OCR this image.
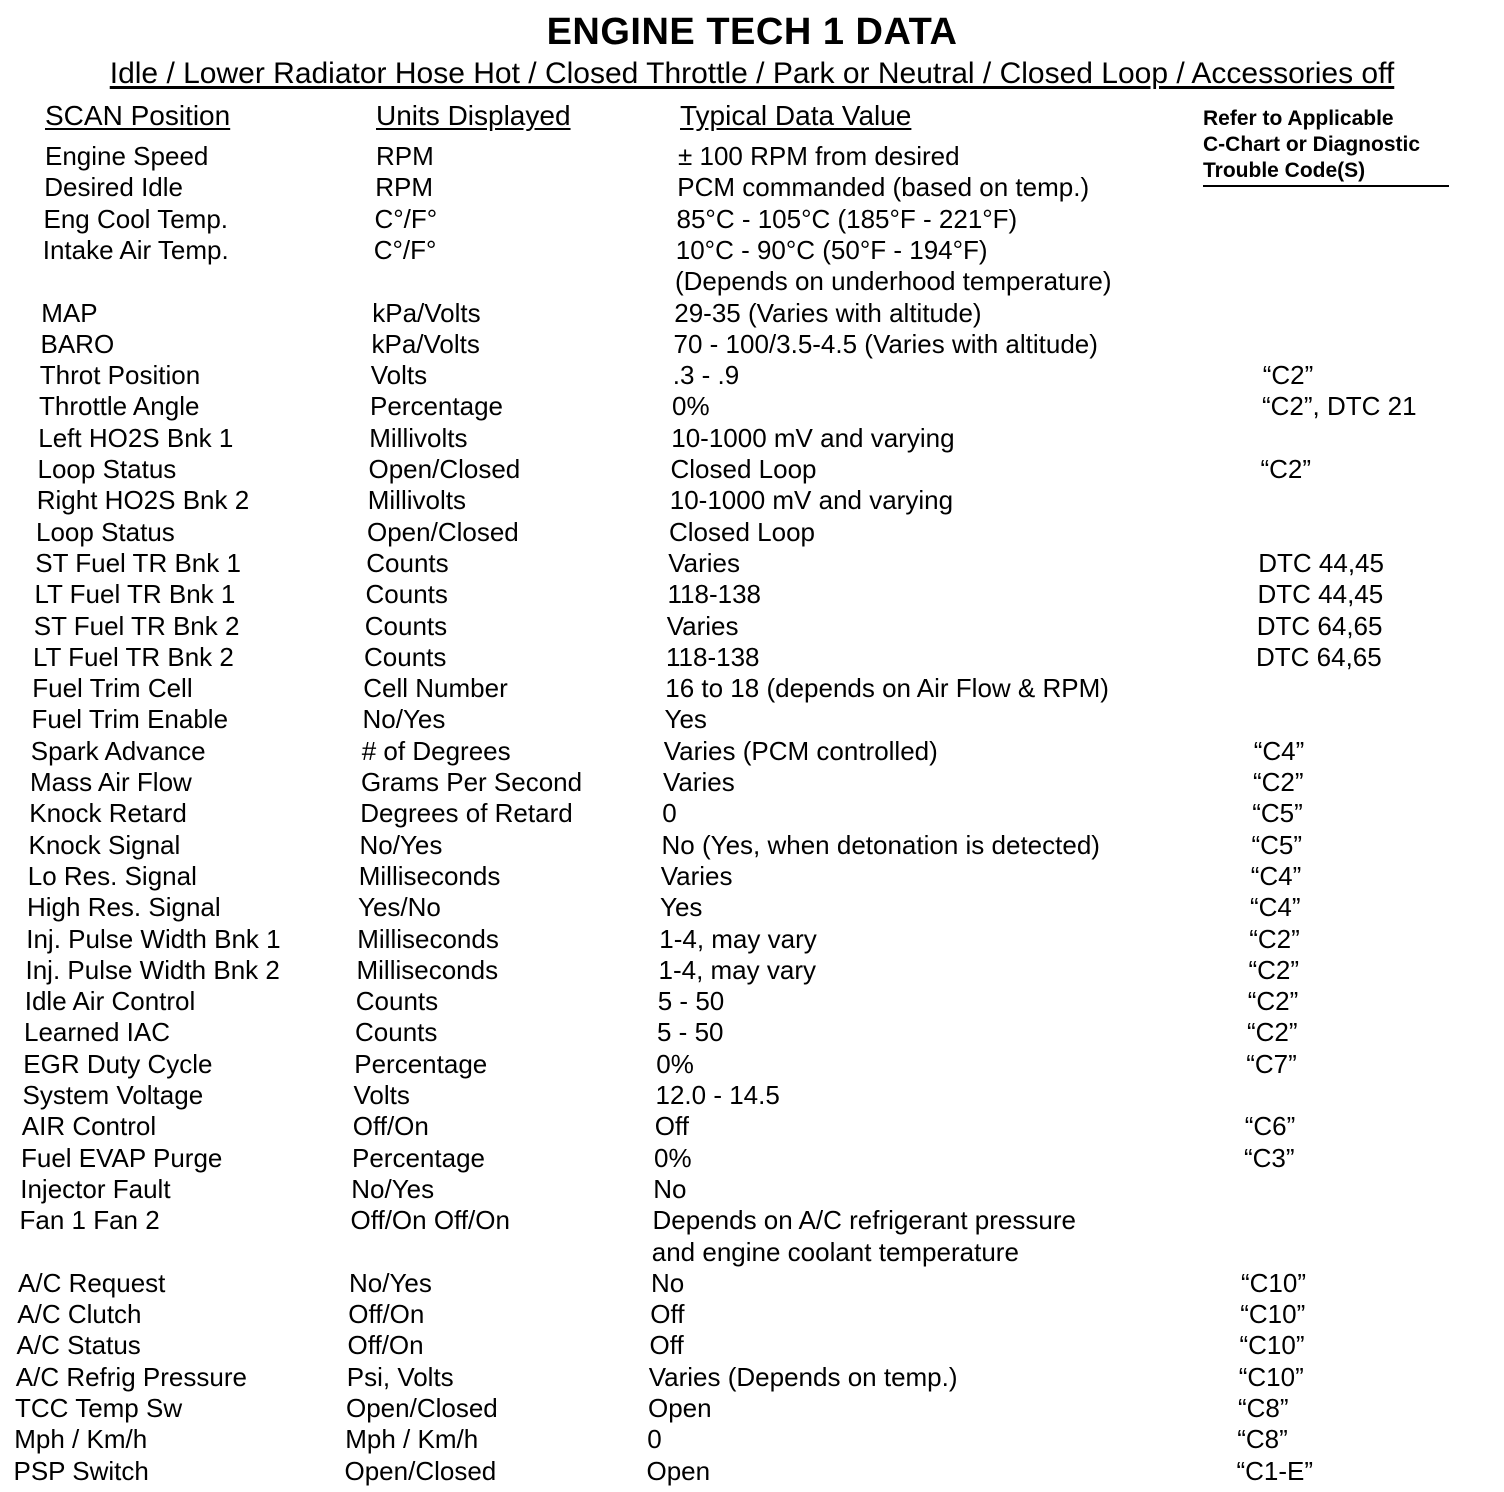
ENGINE TECH 1 DATA
Idle / Lower Radiator Hose Hot / Closed Throttle / Park or Neutral / Closed Loop / Accessories off
SCAN Position	Units Displayed	Typical Data Value	Refer to Applicable
C-Chart or Diagnostic
Trouble Code(S)
Engine Speed	RPM	± 100 RPM from desired
Desired Idle	RPM	PCM commanded (based on temp.)
Eng Cool Temp.	C°/F°	85°C - 105°C (185°F - 221°F)
Intake Air Temp.	C°/F°	10°C - 90°C (50°F - 194°F)
(Depends on underhood temperature)
MAP	kPa/Volts	29-35 (Varies with altitude)
BARO	kPa/Volts	70 - 100/3.5-4.5 (Varies with altitude)
Throt Position	Volts	.3 - .9	“C2”
Throttle Angle	Percentage	0%	“C2”, DTC 21
Left HO2S Bnk 1	Millivolts	10-1000 mV and varying
Loop Status	Open/Closed	Closed Loop	“C2”
Right HO2S Bnk 2	Millivolts	10-1000 mV and varying
Loop Status	Open/Closed	Closed Loop
ST Fuel TR Bnk 1	Counts	Varies	DTC 44,45
LT Fuel TR Bnk 1	Counts	118-138	DTC 44,45
ST Fuel TR Bnk 2	Counts	Varies	DTC 64,65
LT Fuel TR Bnk 2	Counts	118-138	DTC 64,65
Fuel Trim Cell	Cell Number	16 to 18 (depends on Air Flow & RPM)
Fuel Trim Enable	No/Yes	Yes
Spark Advance	# of Degrees	Varies (PCM controlled)	“C4”
Mass Air Flow	Grams Per Second	Varies	“C2”
Knock Retard	Degrees of Retard	0	“C5”
Knock Signal	No/Yes	No (Yes, when detonation is detected)	“C5”
Lo Res. Signal	Milliseconds	Varies	“C4”
High Res. Signal	Yes/No	Yes	“C4”
Inj. Pulse Width Bnk 1	Milliseconds	1-4, may vary	“C2”
Inj. Pulse Width Bnk 2	Milliseconds	1-4, may vary	“C2”
Idle Air Control	Counts	5 - 50	“C2”
Learned IAC	Counts	5 - 50	“C2”
EGR Duty Cycle	Percentage	0%	“C7”
System Voltage	Volts	12.0 - 14.5
AIR Control	Off/On	Off	“C6”
Fuel EVAP Purge	Percentage	0%	“C3”
Injector Fault	No/Yes	No
Fan 1 Fan 2	Off/On Off/On	Depends on A/C refrigerant pressure
and engine coolant temperature
A/C Request	No/Yes	No	“C10”
A/C Clutch	Off/On	Off	“C10”
A/C Status	Off/On	Off	“C10”
A/C Refrig Pressure	Psi, Volts	Varies (Depends on temp.)	“C10”
TCC Temp Sw	Open/Closed	Open	“C8”
Mph / Km/h	Mph / Km/h	0	“C8”
PSP Switch	Open/Closed	Open	“C1-E”
